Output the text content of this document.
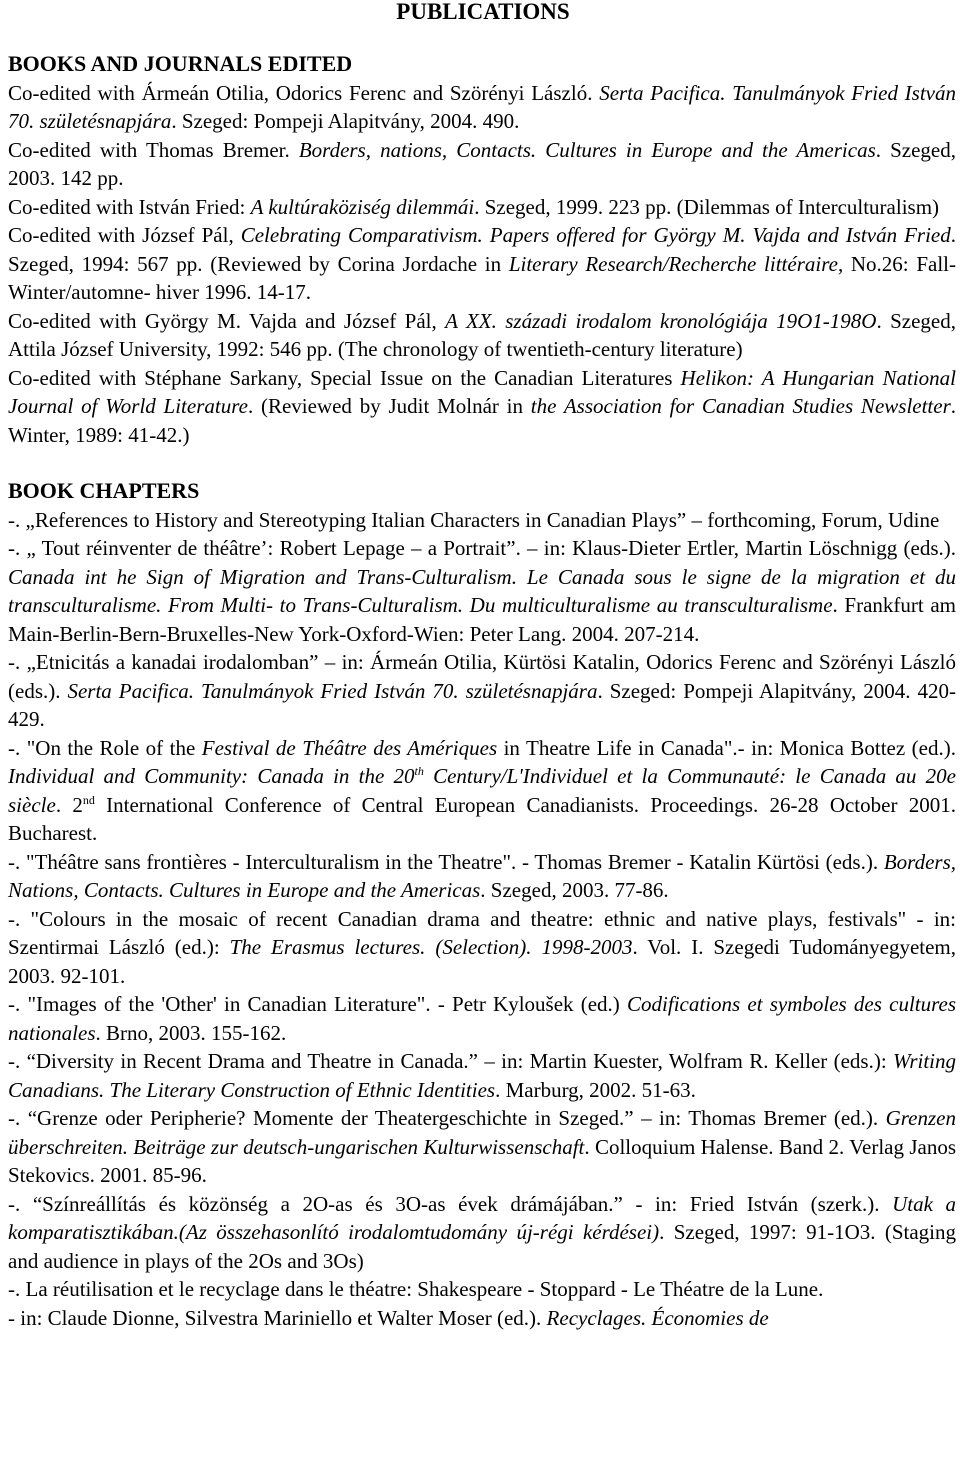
PUBLICATIONS
BOOKS AND JOURNALS EDITED

Co-edited with Ármeán Otilia, Odorics Ferenc and Szörényi László. Serta Pacifica. Tanulmányok Fried István 70. születésnapjára. Szeged: Pompeji Alapitvány, 2004. 490.

Co-edited with Thomas Bremer. Borders, nations, Contacts. Cultures in Europe and the Americas. Szeged, 2003. 142 pp.

Co-edited with István Fried: A kultúraköziség dilemmái. Szeged, 1999. 223 pp. (Dilemmas of Interculturalism)

Co-edited with József Pál, Celebrating Comparativism. Papers offered for György M. Vajda and István Fried. Szeged, 1994: 567 pp. (Reviewed by Corina Jordache in Literary Research/Recherche littéraire, No.26: Fall-Winter/automne- hiver 1996. 14-17.

Co-edited with György M. Vajda and József Pál, A XX. századi irodalom kronológiája 19O1-198O. Szeged, Attila József University, 1992: 546 pp. (The chronology of twentieth-century literature)

Co-edited with Stéphane Sarkany, Special Issue on the Canadian Literatures Helikon: A Hungarian National Journal of World Literature. (Reviewed by Judit Molnár in the Association for Canadian Studies Newsletter. Winter, 1989: 41-42.)

BOOK CHAPTERS

-. „References to History and Stereotyping Italian Characters in Canadian Plays” – forthcoming, Forum, Udine

-. „ Tout réinventer de théâtre’: Robert Lepage – a Portrait”. – in: Klaus-Dieter Ertler, Martin Löschnigg (eds.). Canada int he Sign of Migration and Trans-Culturalism. Le Canada sous le signe de la migration et du transculturalisme. From Multi- to Trans-Culturalism. Du multiculturalisme au transculturalisme. Frankfurt am Main-Berlin-Bern-Bruxelles-New York-Oxford-Wien: Peter Lang. 2004. 207-214.

-. „Etnicitás a kanadai irodalomban” – in: Ármeán Otilia, Kürtösi Katalin, Odorics Ferenc and Szörényi László (eds.). Serta Pacifica. Tanulmányok Fried István 70. születésnapjára. Szeged: Pompeji Alapitvány, 2004. 420-429.

-. "On the Role of the Festival de Théâtre des Amériques in Theatre Life in Canada".- in: Monica Bottez (ed.). Individual and Community: Canada in the 20th Century/L'Individuel et la Communauté: le Canada au 20e siècle. 2nd International Conference of Central European Canadianists. Proceedings. 26-28 October 2001. Bucharest.

-. "Théâtre sans frontières - Interculturalism in the Theatre". - Thomas Bremer - Katalin Kürtösi (eds.). Borders, Nations, Contacts. Cultures in Europe and the Americas. Szeged, 2003. 77-86.

-. "Colours in the mosaic of recent Canadian drama and theatre: ethnic and native plays, festivals" - in: Szentirmai László (ed.): The Erasmus lectures. (Selection). 1998-2003. Vol. I. Szegedi Tudományegyetem, 2003. 92-101.

-. "Images of the 'Other' in Canadian Literature". - Petr Kyloušek (ed.) Codifications et symboles des cultures nationales. Brno, 2003. 155-162.

-. “Diversity in Recent Drama and Theatre in Canada.” – in: Martin Kuester, Wolfram R. Keller (eds.): Writing Canadians. The Literary Construction of Ethnic Identities. Marburg, 2002. 51-63.

-. “Grenze oder Peripherie? Momente der Theatergeschichte in Szeged.” – in: Thomas Bremer (ed.). Grenzen überschreiten. Beiträge zur deutsch-ungarischen Kulturwissenschaft. Colloquium Halense. Band 2. Verlag Janos Stekovics. 2001. 85-96.

-. “Színreállítás és közönség a 2O-as és 3O-as évek drámájában.” - in: Fried István (szerk.). Utak a komparatisztikában.(Az összehasonlító irodalomtudomány új-régi kérdései). Szeged, 1997: 91-1O3. (Staging and audience in plays of the 2Os and 3Os)

-. La réutilisation et le recyclage dans le théatre: Shakespeare - Stoppard - Le Théatre de la Lune.

- in: Claude Dionne, Silvestra Mariniello et Walter Moser (ed.). Recyclages. Économies de
